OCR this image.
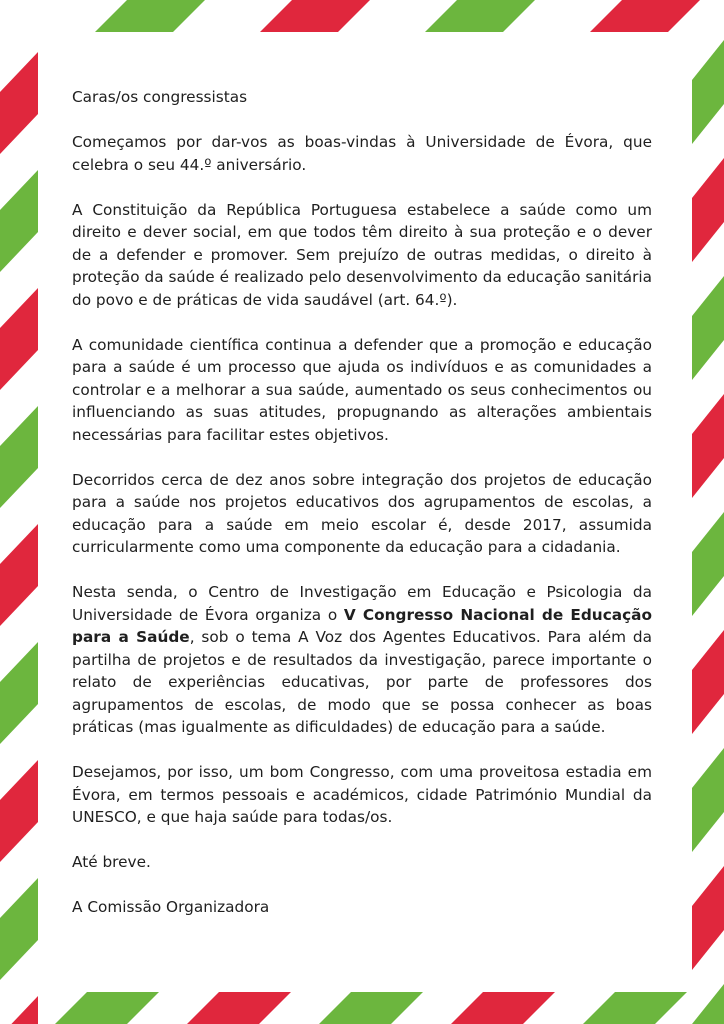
Caras/os congressistas

Começamos por dar-vos as boas-vindas à Universidade de Évora, que celebra o seu 44.º aniversário.

A Constituição da República Portuguesa estabelece a saúde como um direito e dever social, em que todos têm direito à sua proteção e o dever de a defender e promover. Sem prejuízo de outras medidas, o direito à proteção da saúde é realizado pelo desenvolvimento da educação sanitária do povo e de práticas de vida saudável (art. 64.º).

A comunidade científica continua a defender que a promoção e educação para a saúde é um processo que ajuda os indivíduos e as comunidades a controlar e a melhorar a sua saúde, aumentado os seus conhecimentos ou influenciando as suas atitudes, propugnando as alterações ambientais necessárias para facilitar estes objetivos.

Decorridos cerca de dez anos sobre integração dos projetos de educação para a saúde nos projetos educativos dos agrupamentos de escolas, a educação para a saúde em meio escolar é, desde 2017, assumida curricularmente como uma componente da educação para a cidadania.

Nesta senda, o Centro de Investigação em Educação e Psicologia da Universidade de Évora organiza o V Congresso Nacional de Educação para a Saúde, sob o tema A Voz dos Agentes Educativos. Para além da partilha de projetos e de resultados da investigação, parece importante o relato de experiências educativas, por parte de professores dos agrupamentos de escolas, de modo que se possa conhecer as boas práticas (mas igualmente as dificuldades) de educação para a saúde.

Desejamos, por isso, um bom Congresso, com uma proveitosa estadia em Évora, em termos pessoais e académicos, cidade Património Mundial da UNESCO, e que haja saúde para todas/os.

Até breve.

A Comissão Organizadora
